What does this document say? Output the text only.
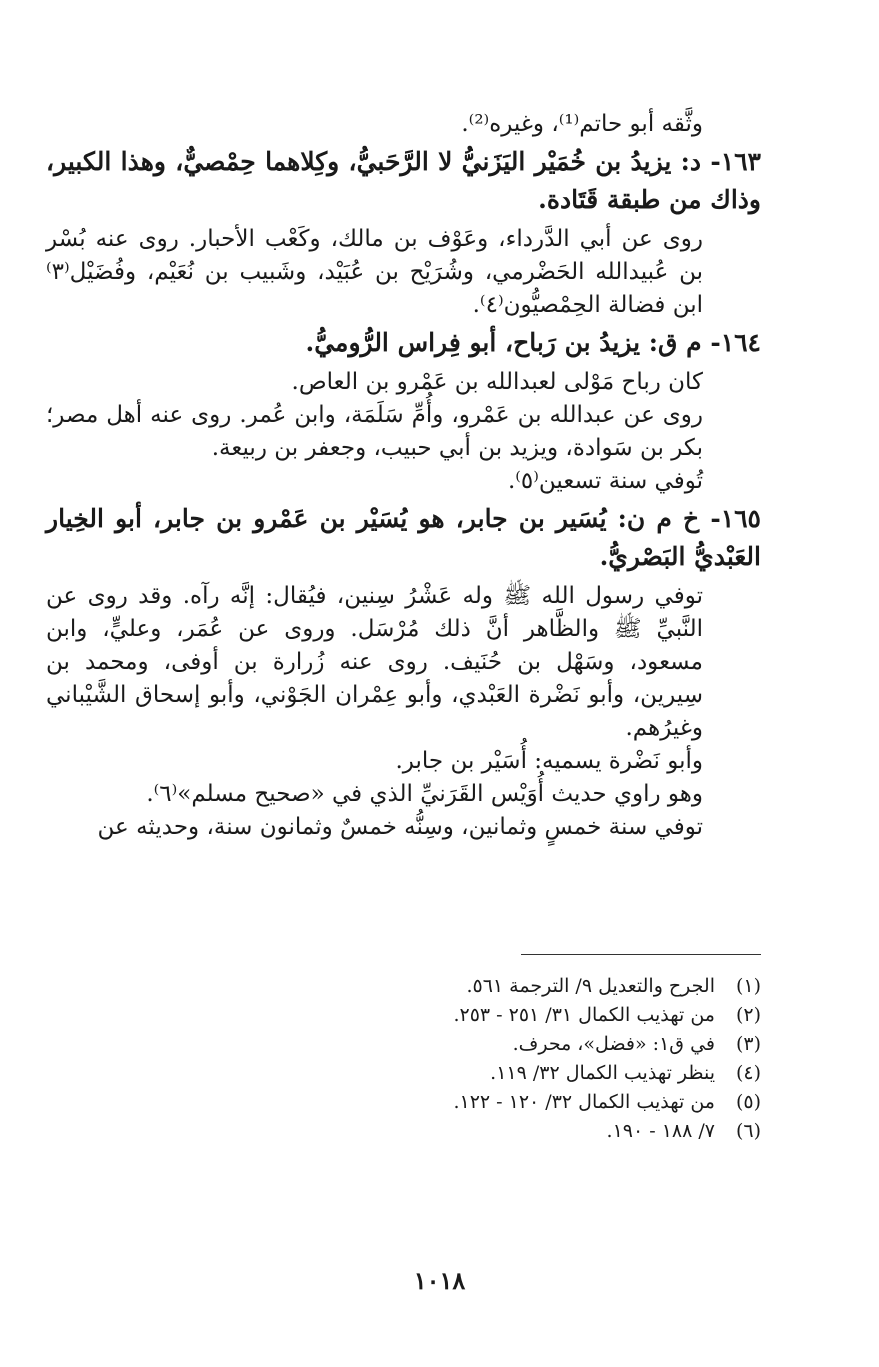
وثَّقه أبو حاتم⁽¹⁾، وغيره⁽²⁾.

١٦٣- د: يزيدُ بن خُمَيْر اليَزَنيُّ لا الرَّحَبيُّ، وكِلاهما حِمْصيٌّ، وهذا الكبير، وذاك من طبقة قَتَادة.

روى عن أبي الدَّرداء، وعَوْف بن مالك، وكَعْب الأحبار. روى عنه بُسْر بن عُبيدالله الحَضْرمي، وشُرَيْح بن عُبَيْد، وشَبيب بن نُعَيْم، وفُضَيْل⁽٣⁾ ابن فضالة الحِمْصيُّون⁽٤⁾.

١٦٤- م ق: يزيدُ بن رَباح، أبو فِراس الرُّوميُّ.

كان رباح مَوْلى لعبدالله بن عَمْرو بن العاص.

روى عن عبدالله بن عَمْرو، وأُمِّ سَلَمَة، وابن عُمر. روى عنه أهل مصر؛ بكر بن سَوادة، ويزيد بن أبي حبيب، وجعفر بن ربيعة.

تُوفي سنة تسعين⁽٥⁾.

١٦٥- خ م ن: يُسَير بن جابر، هو يُسَيْر بن عَمْرو بن جابر، أبو الخِيار العَبْديُّ البَصْريُّ.

توفي رسول الله ﷺ وله عَشْرُ سِنين، فيُقال: إنَّه رآه. وقد روى عن النَّبيِّ ﷺ والظَّاهر أنَّ ذلك مُرْسَل. وروى عن عُمَر، وعليٍّ، وابن مسعود، وسَهْل بن حُنَيف. روى عنه زُرارة بن أوفى، ومحمد بن سِيرين، وأبو نَضْرة العَبْدي، وأبو عِمْران الجَوْني، وأبو إسحاق الشَّيْباني وغيرُهم.

وأبو نَضْرة يسميه: أُسَيْر بن جابر.

وهو راوي حديث أُوَيْس القَرَنيِّ الذي في «صحيح مسلم»⁽٦⁾.

توفي سنة خمسٍ وثمانين، وسِنُّه خمسٌ وثمانون سنة، وحديثه عن

(١)
الجرح والتعديل ٩/ الترجمة ٥٦١.
(٢)
من تهذيب الكمال ٣١/ ٢٥١ - ٢٥٣.
(٣)
في ق١: «فضل»، محرف.
(٤)
ينظر تهذيب الكمال ٣٢/ ١١٩.
(٥)
من تهذيب الكمال ٣٢/ ١٢٠ - ١٢٢.
(٦)
٧/ ١٨٨ - ١٩٠.
١٠١٨
